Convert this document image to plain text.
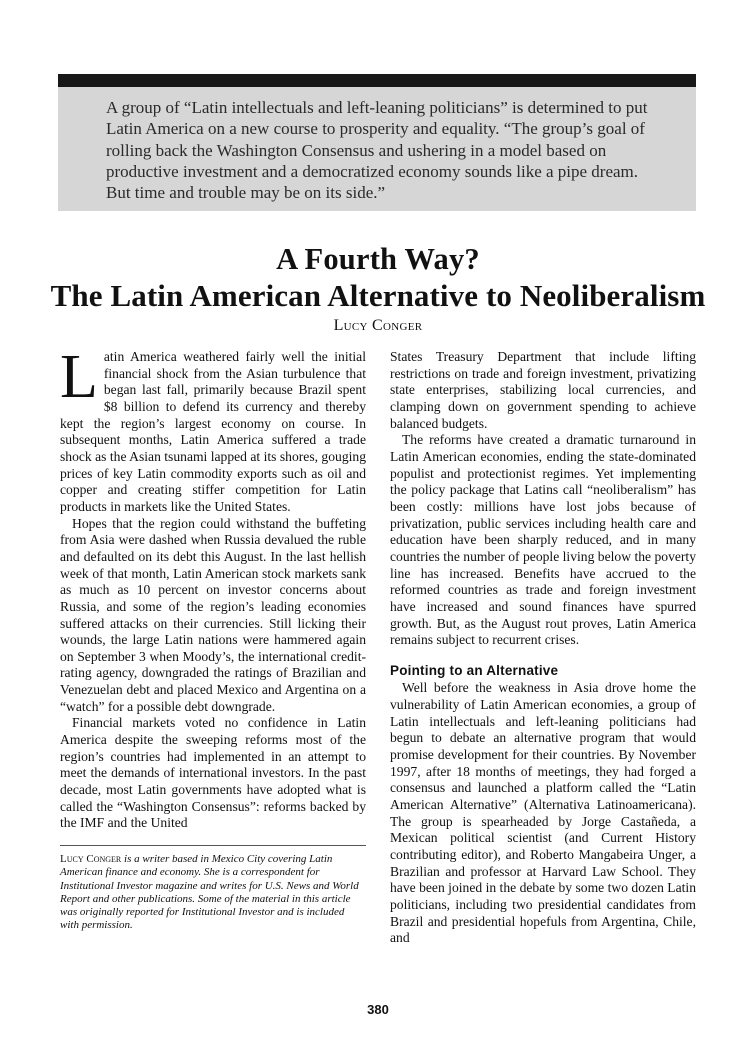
A group of “Latin intellectuals and left-leaning politicians” is determined to put Latin America on a new course to prosperity and equality. “The group’s goal of rolling back the Washington Consensus and ushering in a model based on productive investment and a democratized economy sounds like a pipe dream. But time and trouble may be on its side.”

A Fourth Way?
The Latin American Alternative to Neoliberalism

Lucy Conger

Latin America weathered fairly well the initial financial shock from the Asian turbulence that began last fall, primarily because Brazil spent $8 billion to defend its currency and thereby kept the region’s largest economy on course. In subsequent months, Latin America suffered a trade shock as the Asian tsunami lapped at its shores, gouging prices of key Latin commodity exports such as oil and copper and creating stiffer competition for Latin products in markets like the United States.

Hopes that the region could withstand the buffeting from Asia were dashed when Russia devalued the ruble and defaulted on its debt this August. In the last hellish week of that month, Latin American stock markets sank as much as 10 percent on investor concerns about Russia, and some of the region’s leading economies suffered attacks on their currencies. Still licking their wounds, the large Latin nations were hammered again on September 3 when Moody’s, the international credit-rating agency, downgraded the ratings of Brazilian and Venezuelan debt and placed Mexico and Argentina on a “watch” for a possible debt downgrade.

Financial markets voted no confidence in Latin America despite the sweeping reforms most of the region’s countries had implemented in an attempt to meet the demands of international investors. In the past decade, most Latin governments have adopted what is called the “Washington Consensus”: reforms backed by the IMF and the United

Lucy Conger is a writer based in Mexico City covering Latin American finance and economy. She is a correspondent for Institutional Investor magazine and writes for U.S. News and World Report and other publications. Some of the material in this article was originally reported for Institutional Investor and is included with permission.

States Treasury Department that include lifting restrictions on trade and foreign investment, privatizing state enterprises, stabilizing local currencies, and clamping down on government spending to achieve balanced budgets.

The reforms have created a dramatic turnaround in Latin American economies, ending the state-dominated populist and protectionist regimes. Yet implementing the policy package that Latins call “neoliberalism” has been costly: millions have lost jobs because of privatization, public services including health care and education have been sharply reduced, and in many countries the number of people living below the poverty line has increased. Benefits have accrued to the reformed countries as trade and foreign investment have increased and sound finances have spurred growth. But, as the August rout proves, Latin America remains subject to recurrent crises.

Pointing to an Alternative

Well before the weakness in Asia drove home the vulnerability of Latin American economies, a group of Latin intellectuals and left-leaning politicians had begun to debate an alternative program that would promise development for their countries. By November 1997, after 18 months of meetings, they had forged a consensus and launched a platform called the “Latin American Alternative” (Alternativa Latinoamericana). The group is spearheaded by Jorge Castañeda, a Mexican political scientist (and Current History contributing editor), and Roberto Mangabeira Unger, a Brazilian and professor at Harvard Law School. They have been joined in the debate by some two dozen Latin politicians, including two presidential candidates from Brazil and presidential hopefuls from Argentina, Chile, and

380
